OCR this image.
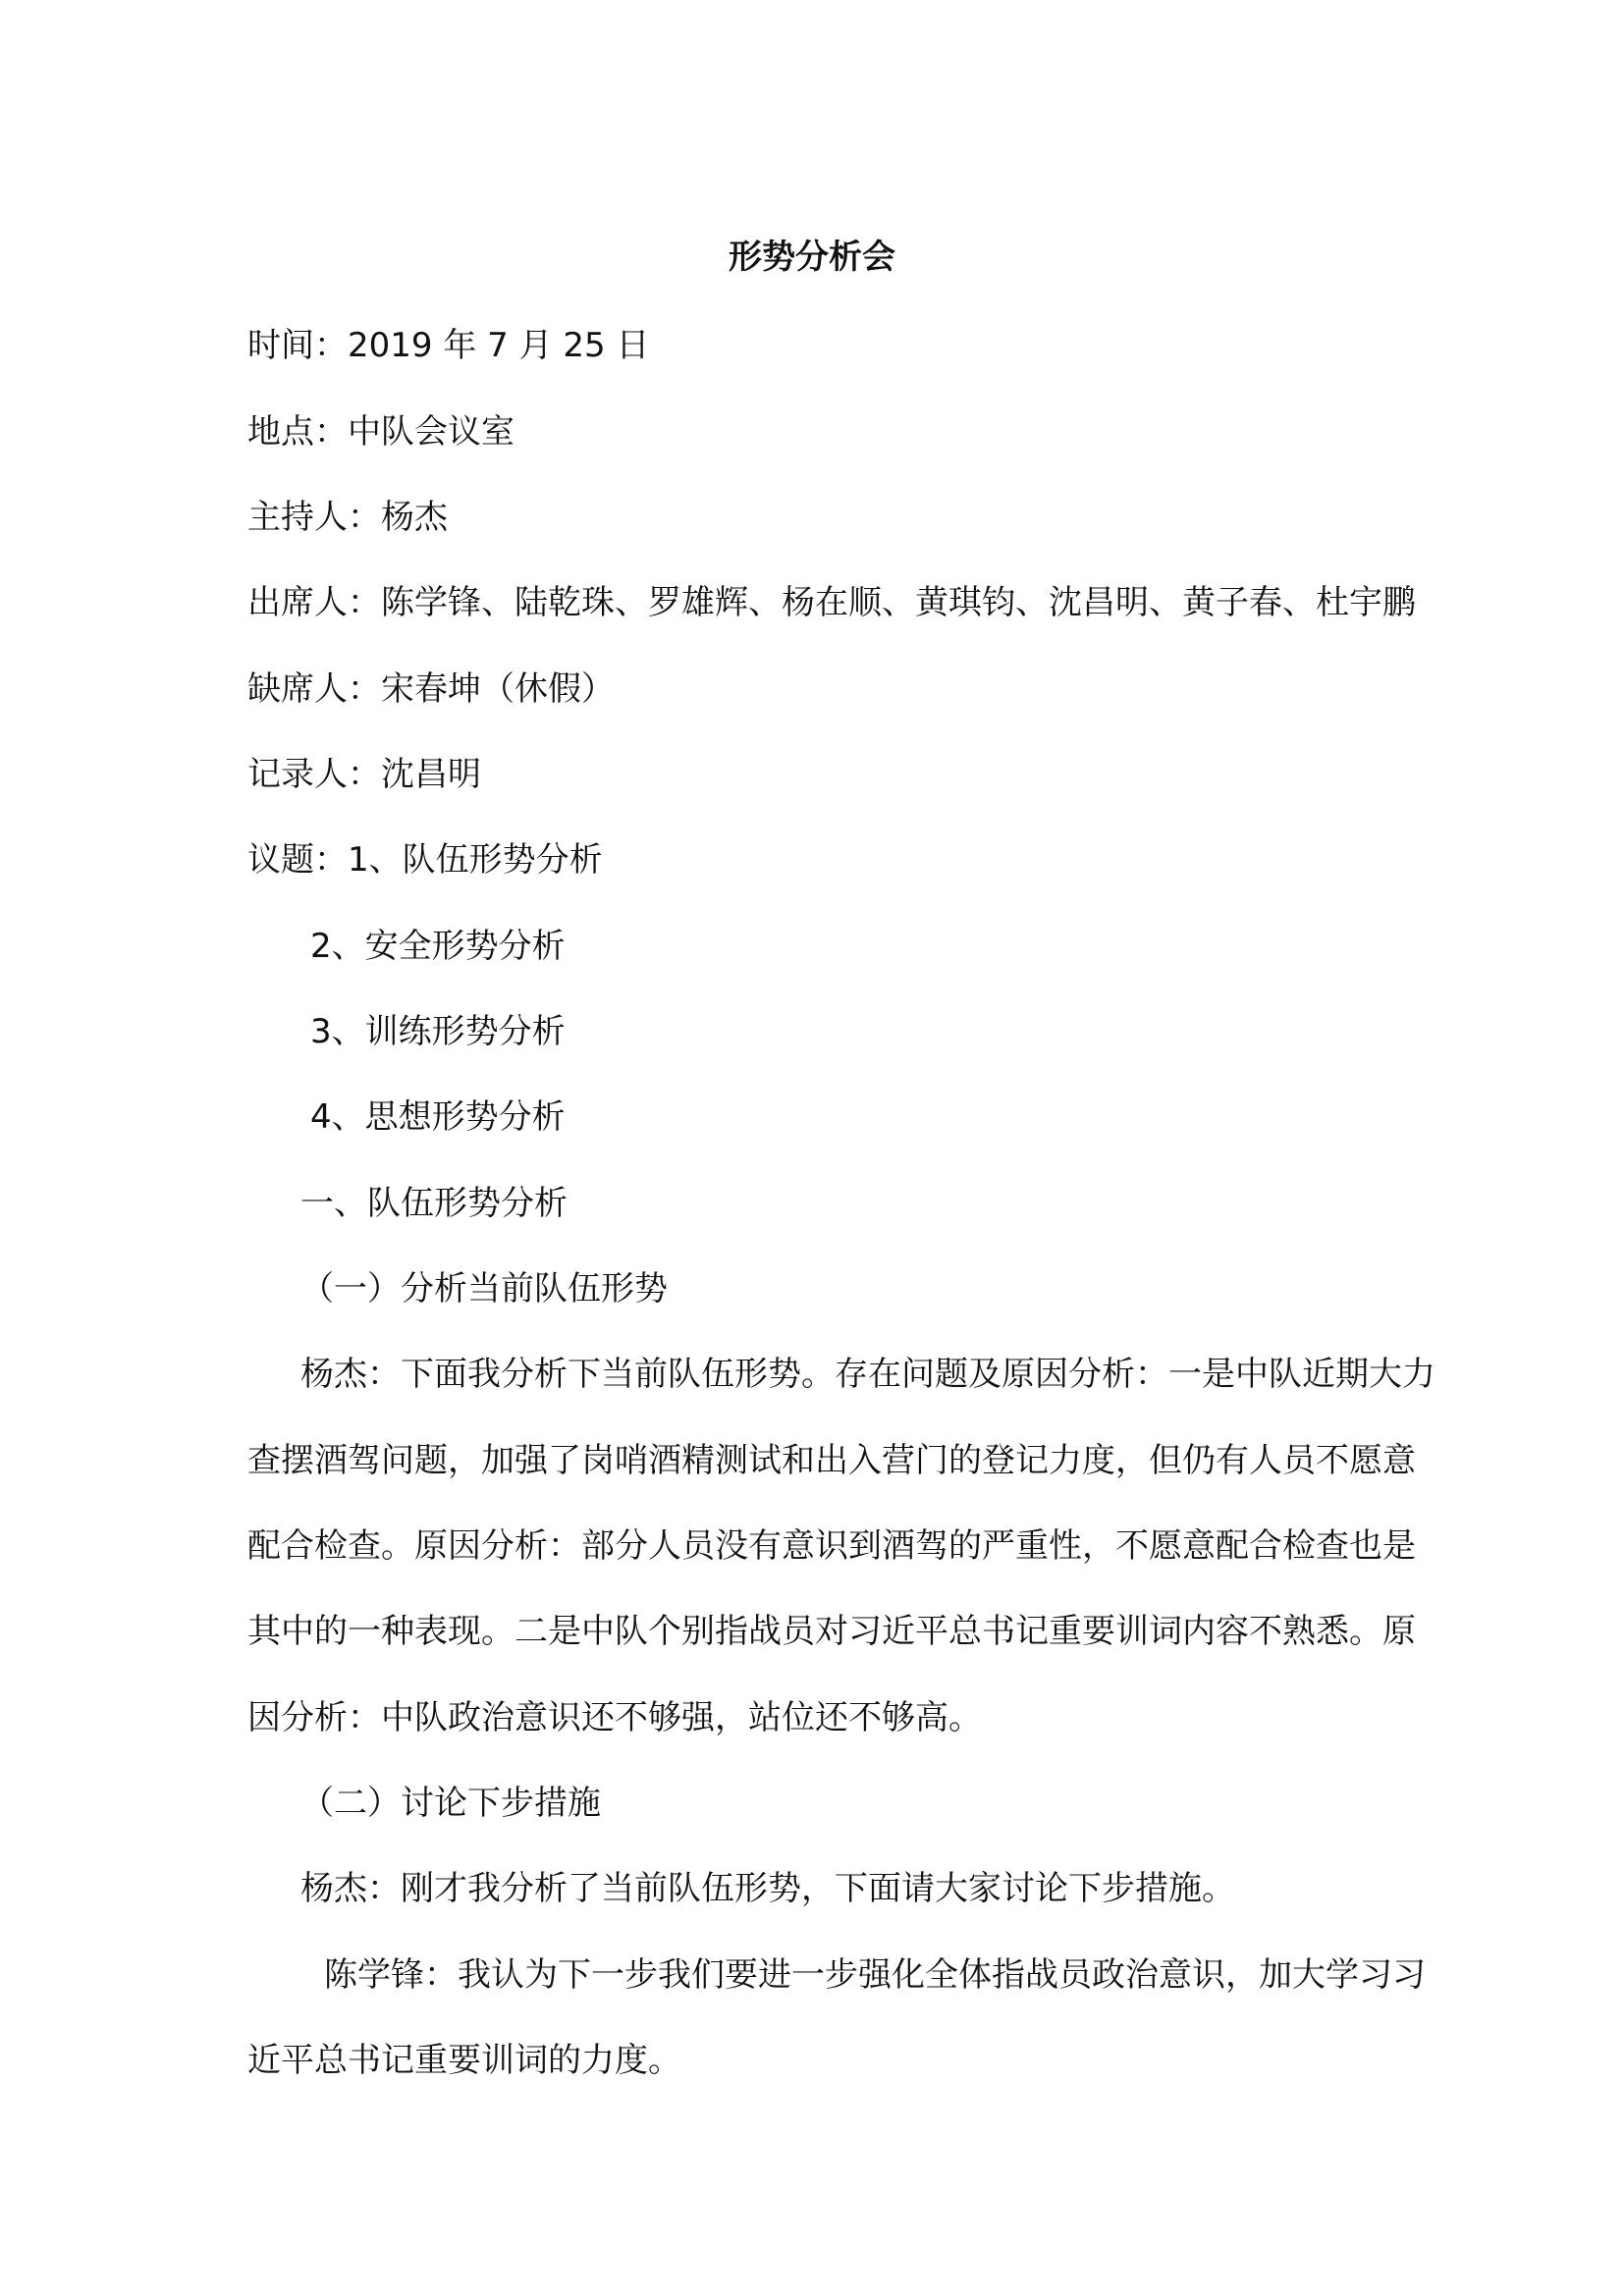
形势分析会
时间：2019 年 7 月 25 日
地点：中队会议室
主持人：杨杰
出席人：陈学锋、陆乾珠、罗雄辉、杨在顺、黄琪钧、沈昌明、黄子春、杜宇鹏
缺席人：宋春坤（休假）
记录人：沈昌明
议题：1、队伍形势分析
2、安全形势分析
3、训练形势分析
4、思想形势分析
一、队伍形势分析
（一）分析当前队伍形势
杨杰：下面我分析下当前队伍形势。存在问题及原因分析：一是中队近期大力
查摆酒驾问题，加强了岗哨酒精测试和出入营门的登记力度，但仍有人员不愿意
配合检查。原因分析：部分人员没有意识到酒驾的严重性，不愿意配合检查也是
其中的一种表现。二是中队个别指战员对习近平总书记重要训词内容不熟悉。原
因分析：中队政治意识还不够强，站位还不够高。
（二）讨论下步措施
杨杰：刚才我分析了当前队伍形势，下面请大家讨论下步措施。
陈学锋：我认为下一步我们要进一步强化全体指战员政治意识，加大学习习
近平总书记重要训词的力度。
